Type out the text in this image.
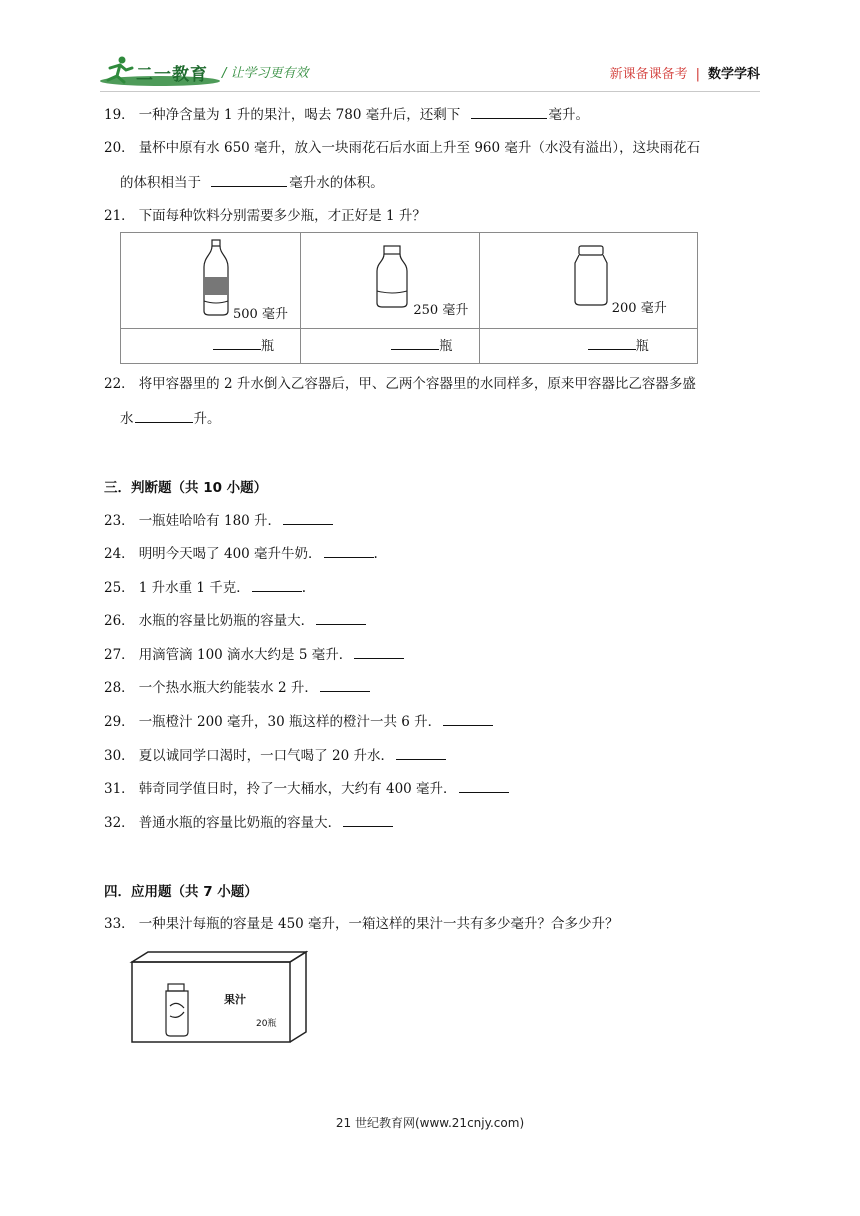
二一教育 / 让学习更有效	新课备课备考 | 数学学科
19． 一种净含量为 1 升的果汁，喝去 780 毫升后，还剩下	毫升。
20． 量杯中原有水 650 毫升，放入一块雨花石后水面上升至 960 毫升（水没有溢出），这块雨花石
的体积相当于	毫升水的体积。
21． 下面每种饮料分别需要多少瓶，才正好是 1 升？
500 毫升	250 毫升	200 毫升

瓶	瓶	瓶
22． 将甲容器里的 2 升水倒入乙容器后，甲、乙两个容器里的水同样多，原来甲容器比乙容器多盛
水	升。
三．判断题（共 10 小题）
23． 一瓶娃哈哈有 180 升．
24． 明明今天喝了 400 毫升牛奶．	.
25． 1 升水重 1 千克．	.
26． 水瓶的容量比奶瓶的容量大．
27． 用滴管滴 100 滴水大约是 5 毫升．
28． 一个热水瓶大约能装水 2 升．
29． 一瓶橙汁 200 毫升，30 瓶这样的橙汁一共 6 升．
30． 夏以诚同学口渴时，一口气喝了 20 升水．
31． 韩奇同学值日时，拎了一大桶水，大约有 400 毫升．
32． 普通水瓶的容量比奶瓶的容量大．
四．应用题（共 7 小题）
33． 一种果汁每瓶的容量是 450 毫升，一箱这样的果汁一共有多少毫升？合多少升？
果汁
20瓶
21 世纪教育网(www.21cnjy.com)
